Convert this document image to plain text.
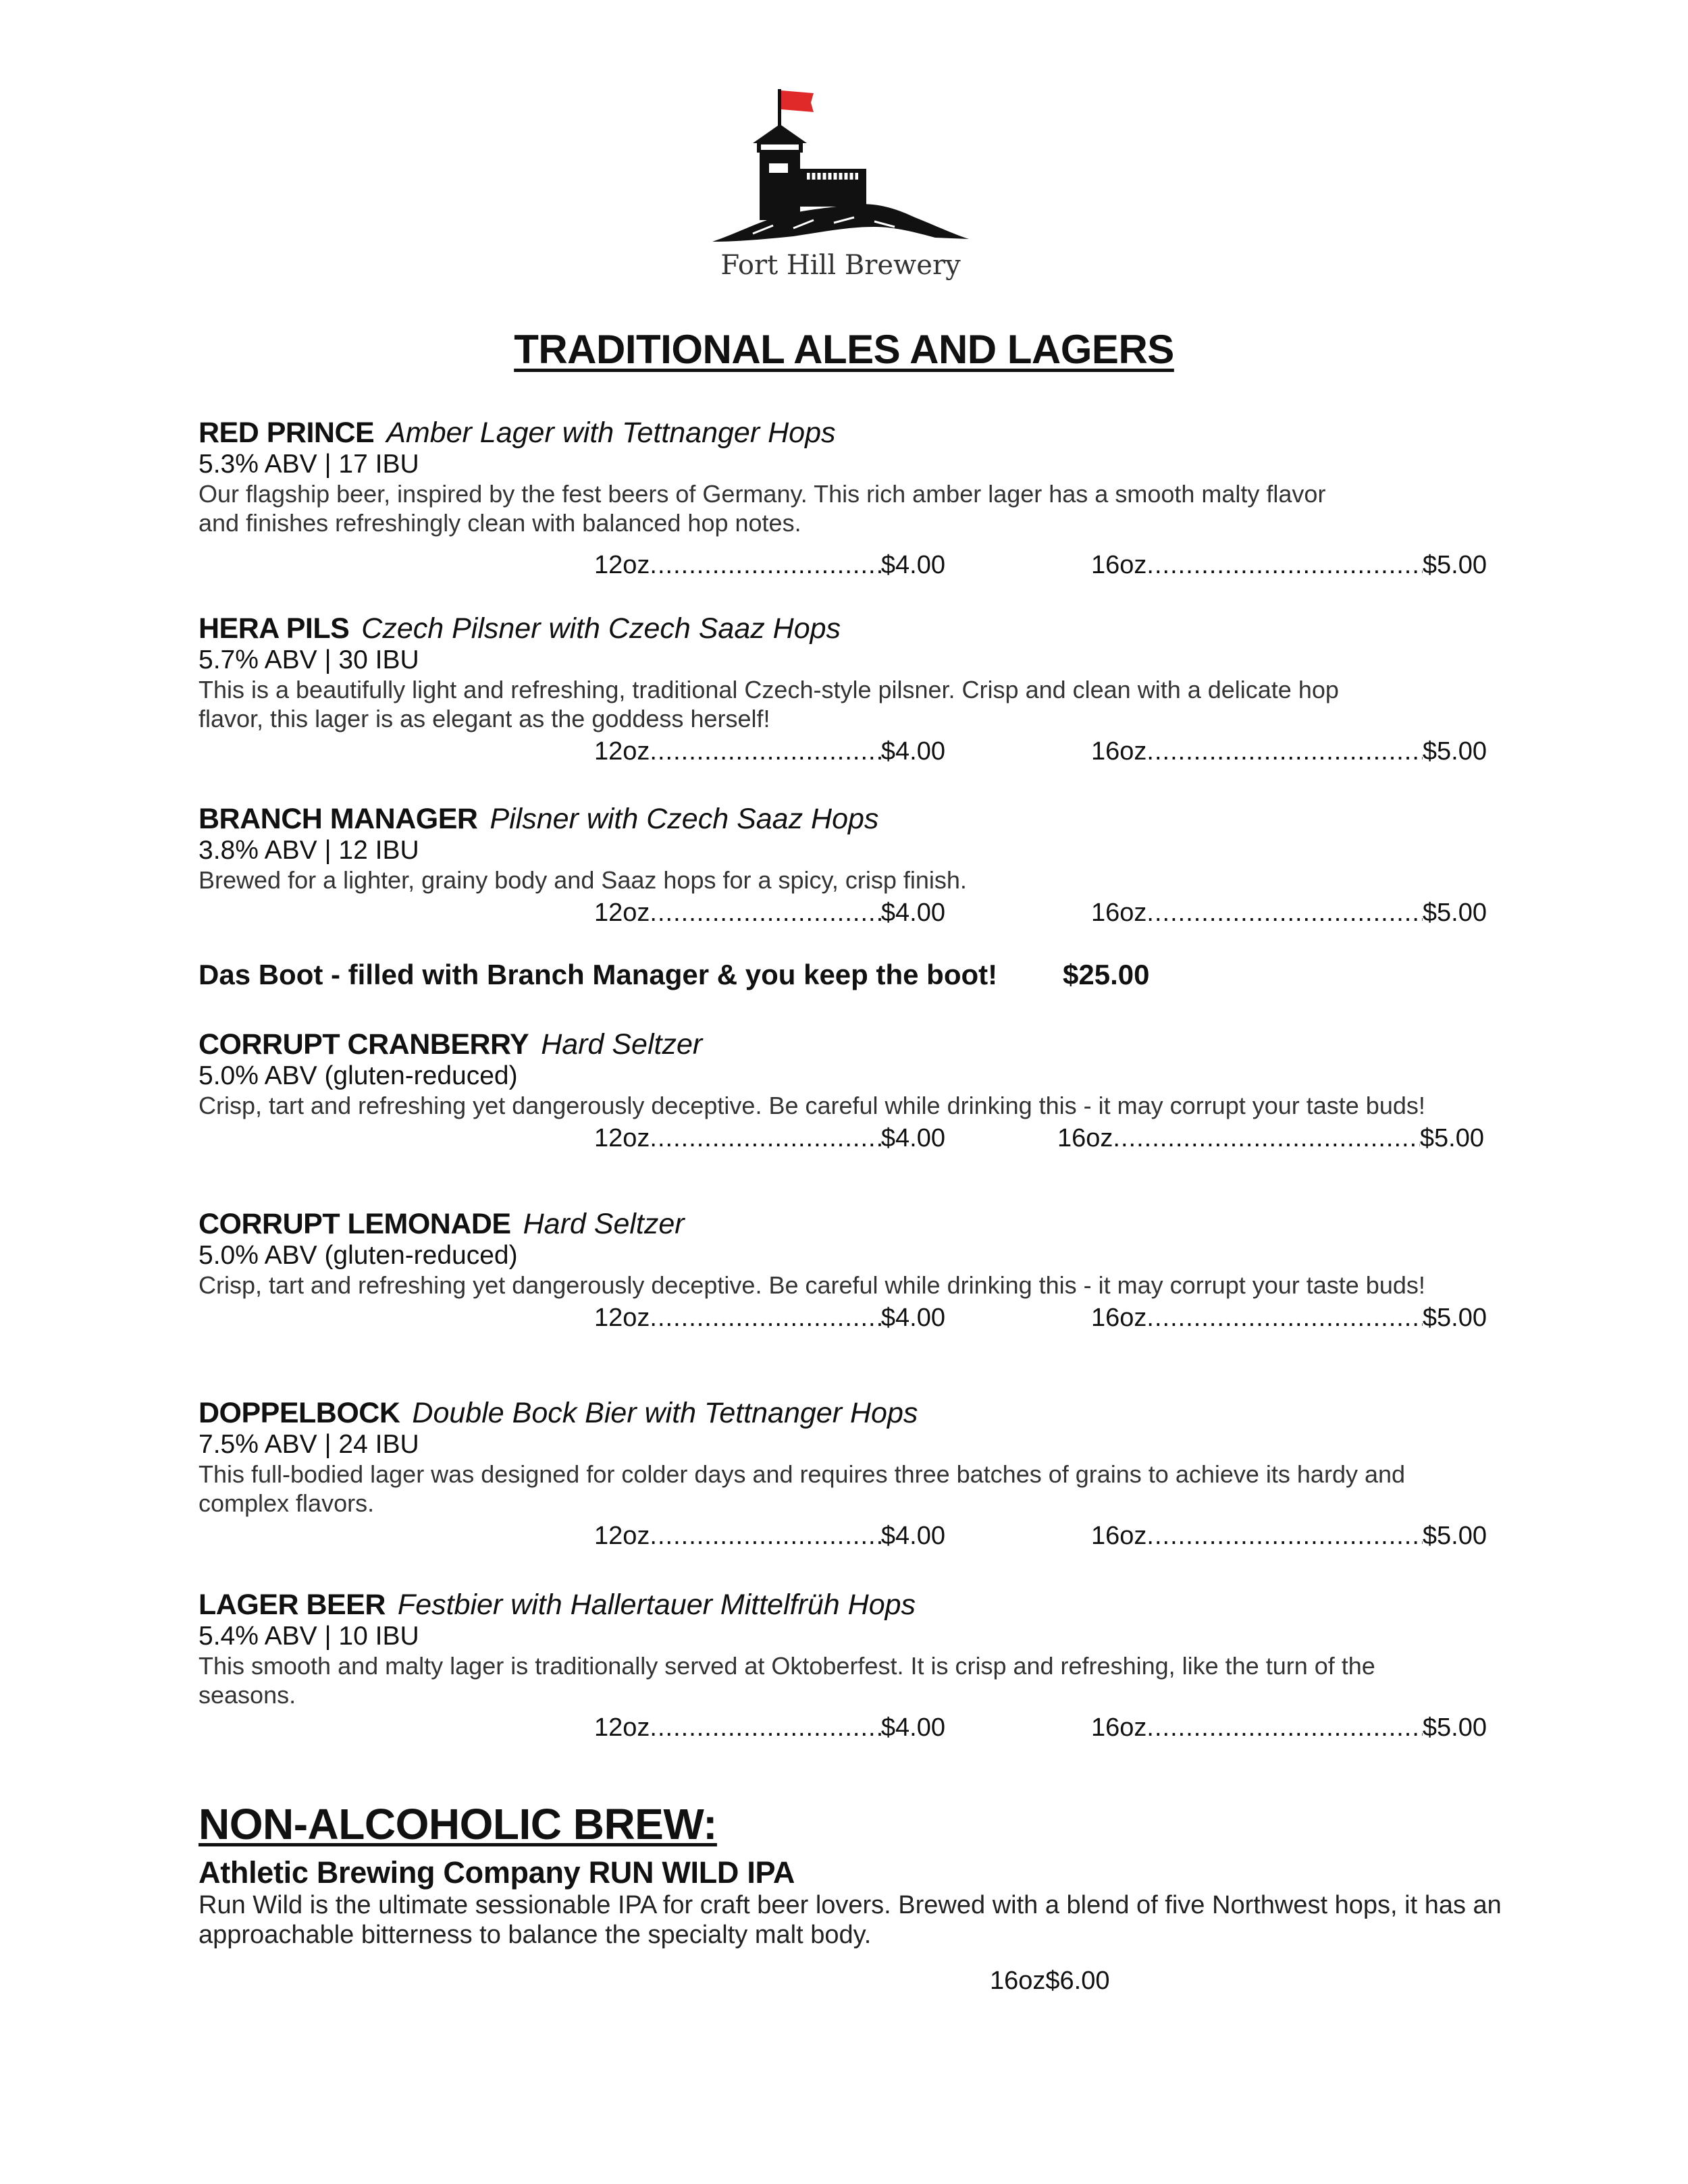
Fort Hill Brewery
TRADITIONAL ALES AND LAGERS
RED PRINCE Amber Lager with Tettnanger Hops
5.3% ABV | 17 IBU
Our flagship beer, inspired by the fest beers of Germany. This rich amber lager has a smooth malty flavor and finishes refreshingly clean with balanced hop notes.
12oz .....	$4.00	16oz .....	$5.00
HERA PILS Czech Pilsner with Czech Saaz Hops
5.7% ABV | 30 IBU
This is a beautifully light and refreshing, traditional Czech-style pilsner. Crisp and clean with a delicate hop flavor, this lager is as elegant as the goddess herself!
12oz .....	$4.00	16oz .....	$5.00
BRANCH MANAGER Pilsner with Czech Saaz Hops
3.8% ABV | 12 IBU
Brewed for a lighter, grainy body and Saaz hops for a spicy, crisp finish.
12oz .....	$4.00	16oz .....	$5.00
Das Boot - filled with Branch Manager & you keep the boot! $25.00
CORRUPT CRANBERRY Hard Seltzer
5.0% ABV (gluten-reduced)
Crisp, tart and refreshing yet dangerously deceptive. Be careful while drinking this - it may corrupt your taste buds!
12oz .....	$4.00	16oz .....	$5.00
CORRUPT LEMONADE Hard Seltzer
5.0% ABV (gluten-reduced)
Crisp, tart and refreshing yet dangerously deceptive. Be careful while drinking this - it may corrupt your taste buds!
12oz .....	$4.00	16oz .....	$5.00
DOPPELBOCK Double Bock Bier with Tettnanger Hops
7.5% ABV | 24 IBU
This full-bodied lager was designed for colder days and requires three batches of grains to achieve its hardy and complex flavors.
12oz .....	$4.00	16oz .....	$5.00
LAGER BEER Festbier with Hallertauer Mittelfrüh Hops
5.4% ABV | 10 IBU
This smooth and malty lager is traditionally served at Oktoberfest. It is crisp and refreshing, like the turn of the seasons.
12oz .....	$4.00	16oz .....	$5.00
NON-ALCOHOLIC BREW:
Athletic Brewing Company RUN WILD IPA
Run Wild is the ultimate sessionable IPA for craft beer lovers. Brewed with a blend of five Northwest hops, it has an approachable bitterness to balance the specialty malt body.
16oz $6.00
